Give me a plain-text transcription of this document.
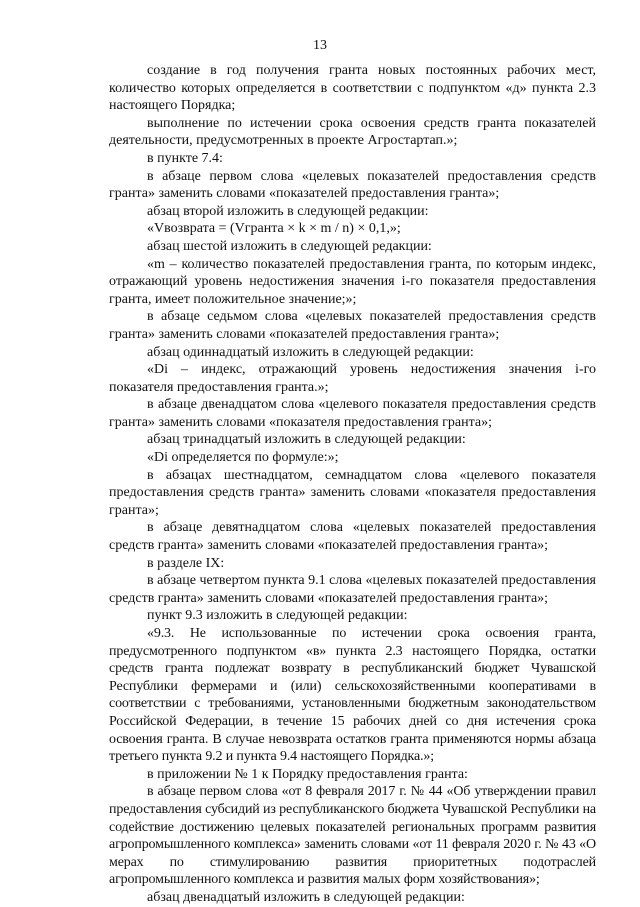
13

создание в год получения гранта новых постоянных рабочих мест, количество которых определяется в соответствии с подпунктом «д» пункта 2.3 настоящего Порядка;

выполнение по истечении срока освоения средств гранта показателей деятельности, предусмотренных в проекте Агростартап.»;

в пункте 7.4:

в абзаце первом слова «целевых показателей предоставления средств гранта» заменить словами «показателей предоставления гранта»;

абзац второй изложить в следующей редакции:

«Vвозврата = (Vгранта × k × m / n) × 0,1,»;

абзац шестой изложить в следующей редакции:

«m – количество показателей предоставления гранта, по которым индекс, отражающий уровень недостижения значения i-го показателя предоставления гранта, имеет положительное значение;»;

в абзаце седьмом слова «целевых показателей предоставления средств гранта» заменить словами «показателей предоставления гранта»;

абзац одиннадцатый изложить в следующей редакции:

«Di – индекс, отражающий уровень недостижения значения i-го показателя предоставления гранта.»;

в абзаце двенадцатом слова «целевого показателя предоставления средств гранта» заменить словами «показателя предоставления гранта»;

абзац тринадцатый изложить в следующей редакции:

«Di определяется по формуле:»;

в абзацах шестнадцатом, семнадцатом слова «целевого показателя предоставления средств гранта» заменить словами «показателя предоставления гранта»;

в абзаце девятнадцатом слова «целевых показателей предоставления средств гранта» заменить словами «показателей предоставления гранта»;

в разделе IX:

в абзаце четвертом пункта 9.1 слова «целевых показателей предоставления средств гранта» заменить словами «показателей предоставления гранта»;

пункт 9.3 изложить в следующей редакции:

«9.3. Не использованные по истечении срока освоения гранта, предусмотренного подпунктом «в» пункта 2.3 настоящего Порядка, остатки средств гранта подлежат возврату в республиканский бюджет Чувашской Республики фермерами и (или) сельскохозяйственными кооперативами в соответствии с требованиями, установленными бюджетным законодательством Российской Федерации, в течение 15 рабочих дней со дня истечения срока освоения гранта. В случае невозврата остатков гранта применяются нормы абзаца третьего пункта 9.2 и пункта 9.4 настоящего Порядка.»;

в приложении № 1 к Порядку предоставления гранта:

в абзаце первом слова «от 8 февраля 2017 г. № 44 «Об утверждении правил предоставления субсидий из республиканского бюджета Чувашской Республики на содействие достижению целевых показателей региональных программ развития агропромышленного комплекса» заменить словами «от 11 февраля 2020 г. № 43 «О мерах по стимулированию развития приоритетных подотраслей агропромышленного комплекса и развития малых форм хозяйствования»;

абзац двенадцатый изложить в следующей редакции:
